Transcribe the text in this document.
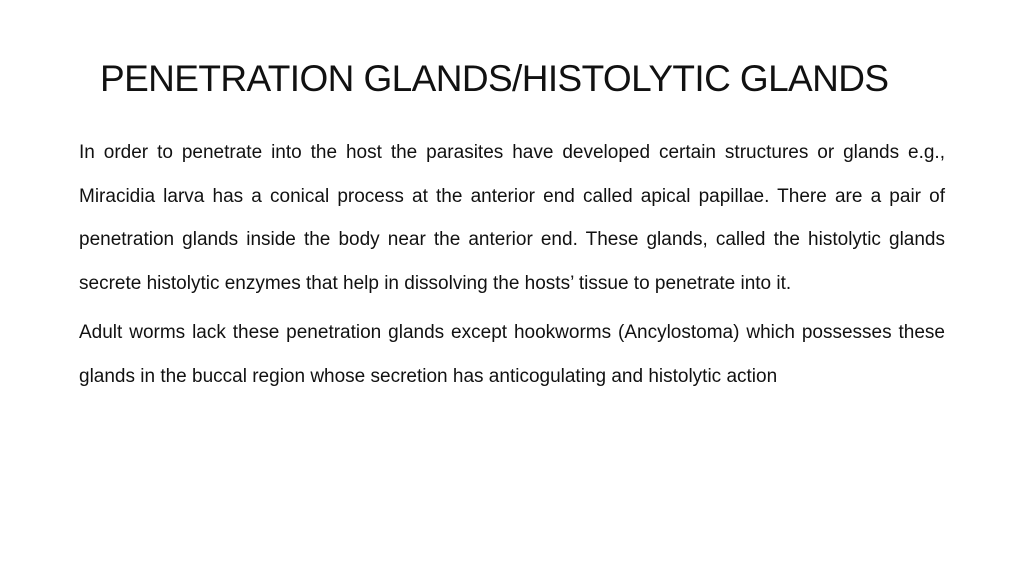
PENETRATION GLANDS/HISTOLYTIC GLANDS

In order to penetrate into the host the parasites have developed certain structures or glands e.g., Miracidia larva has a conical process at the anterior end called apical papillae. There are a pair of penetration glands inside the body near the anterior end. These glands, called the histolytic glands secrete histolytic enzymes that help in dissolving the hosts’ tissue to penetrate into it.

Adult worms lack these penetration glands except hookworms (Ancylostoma) which possesses these glands in the buccal region whose secretion has anticogulating and histolytic action
